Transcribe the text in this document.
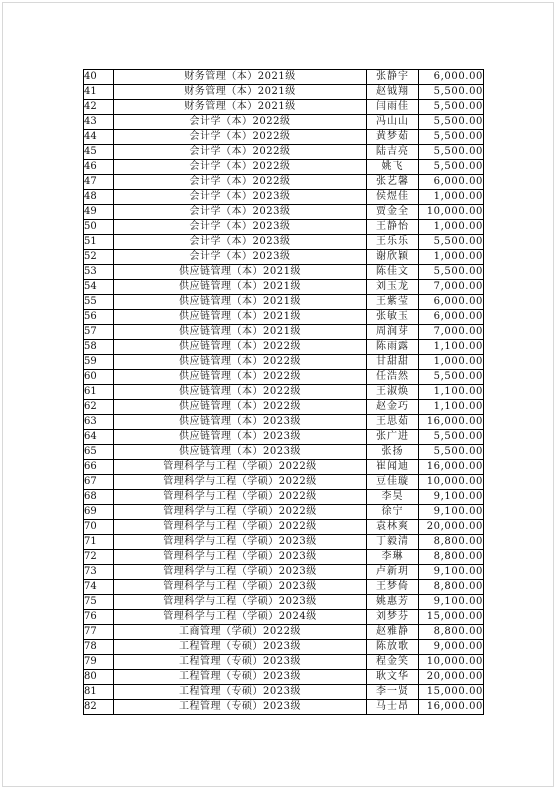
40	财务管理（本）2021级	张静宇	6,000.00
41	财务管理（本）2021级	赵钺翔	5,500.00
42	财务管理（本）2021级	闫雨佳	5,500.00
43	会计学（本）2022级	冯山山	5,500.00
44	会计学（本）2022级	黄梦茹	5,500.00
45	会计学（本）2022级	陆吉亮	5,500.00
46	会计学（本）2022级	姚飞	5,500.00
47	会计学（本）2022级	张艺馨	6,000.00
48	会计学（本）2023级	侯煜佳	1,000.00
49	会计学（本）2023级	贾金全	10,000.00
50	会计学（本）2023级	王静怡	1,000.00
51	会计学（本）2023级	王乐乐	5,500.00
52	会计学（本）2023级	谢欣颖	1,000.00
53	供应链管理（本）2021级	陈佳文	5,500.00
54	供应链管理（本）2021级	刘玉龙	7,000.00
55	供应链管理（本）2021级	王紫莹	6,000.00
56	供应链管理（本）2021级	张敏玉	6,000.00
57	供应链管理（本）2021级	周润芽	7,000.00
58	供应链管理（本）2022级	陈雨露	1,100.00
59	供应链管理（本）2022级	甘甜甜	1,000.00
60	供应链管理（本）2022级	任浩然	5,500.00
61	供应链管理（本）2022级	王淑焕	1,100.00
62	供应链管理（本）2022级	赵金巧	1,100.00
63	供应链管理（本）2023级	王思茹	16,000.00
64	供应链管理（本）2023级	张广进	5,500.00
65	供应链管理（本）2023级	张扬	5,500.00
66	管理科学与工程（学硕）2022级	崔闻迪	16,000.00
67	管理科学与工程（学硕）2022级	豆佳璇	10,000.00
68	管理科学与工程（学硕）2022级	李昊	9,100.00
69	管理科学与工程（学硕）2022级	徐宁	9,100.00
70	管理科学与工程（学硕）2022级	袁林爽	20,000.00
71	管理科学与工程（学硕）2023级	丁毅清	8,800.00
72	管理科学与工程（学硕）2023级	李琳	8,800.00
73	管理科学与工程（学硕）2023级	卢新玥	9,100.00
74	管理科学与工程（学硕）2023级	王梦倚	8,800.00
75	管理科学与工程（学硕）2023级	姚惠芳	9,100.00
76	管理科学与工程（学硕）2024级	刘梦芬	15,000.00
77	工商管理（学硕）2022级	赵雅静	8,800.00
78	工程管理（专硕）2023级	陈放歌	9,000.00
79	工程管理（专硕）2023级	程金笑	10,000.00
80	工程管理（专硕）2023级	耿文华	20,000.00
81	工程管理（专硕）2023级	李一贤	15,000.00
82	工程管理（专硕）2023级	马士昂	16,000.00
